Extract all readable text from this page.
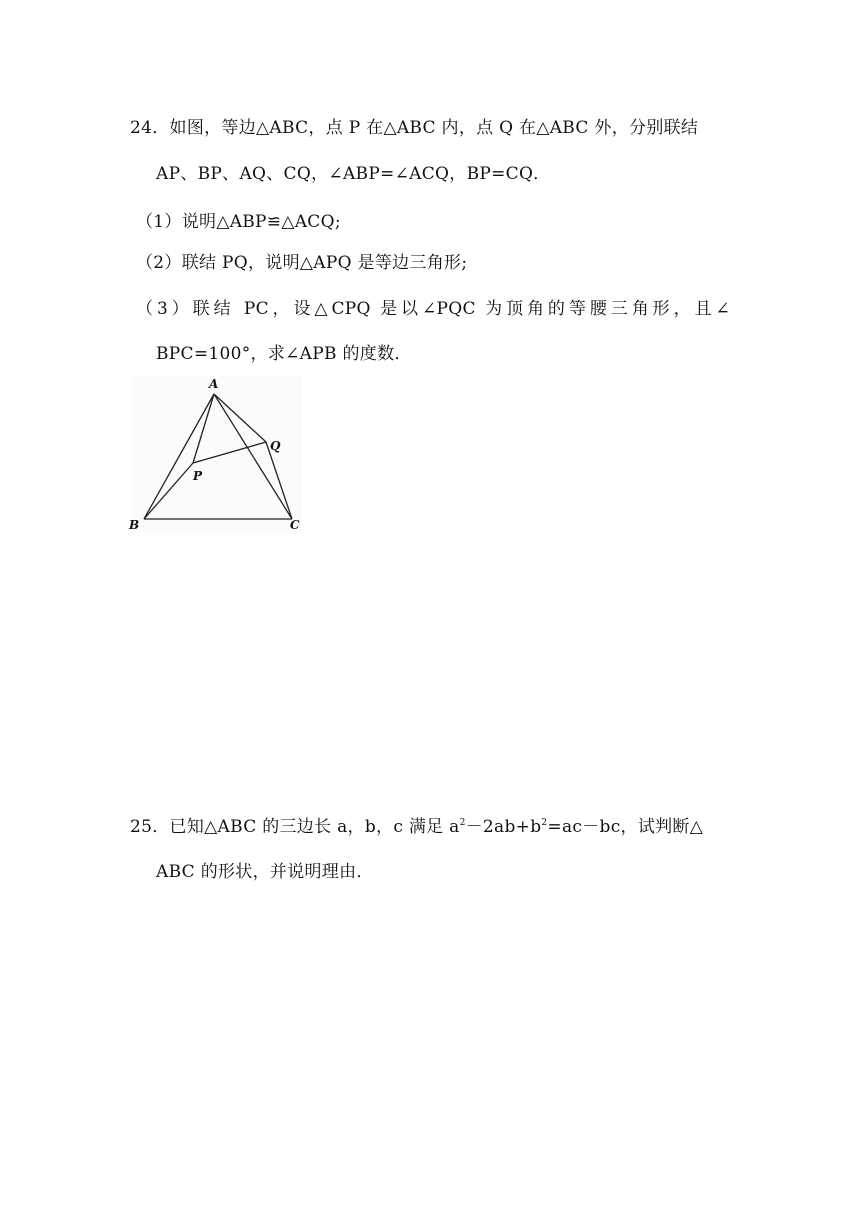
24．如图，等边△ABC，点 P 在△ABC 内，点 Q 在△ABC 外，分别联结
AP、BP、AQ、CQ，∠ABP=∠ACQ，BP=CQ．
（1）说明△ABP≌△ACQ;
（2）联结 PQ，说明△APQ 是等边三角形;
（3）联结 PC，设△CPQ 是以∠PQC 为顶角的等腰三角形，且∠
BPC=100°，求∠APB 的度数．
A
B	C
P
Q
25．已知△ABC 的三边长 a，b，c 满足 $a^2-2ab+b^2=ac-bc$，试判断△
ABC 的形状，并说明理由．
